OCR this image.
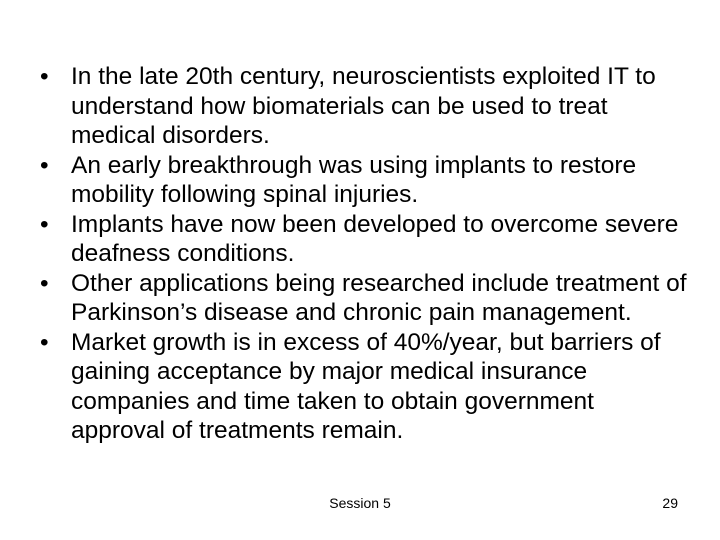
• In the late 20th century, neuroscientists exploited IT to understand how biomaterials can be used to treat medical disorders.
• An early breakthrough was using implants to restore mobility following spinal injuries.
• Implants have now been developed to overcome severe deafness conditions.
• Other applications being researched include treatment of Parkinson’s disease and chronic pain management.
• Market growth is in excess of 40%/year, but barriers of gaining acceptance by major medical insurance companies and time taken to obtain government approval of treatments remain.
Session 5	29
